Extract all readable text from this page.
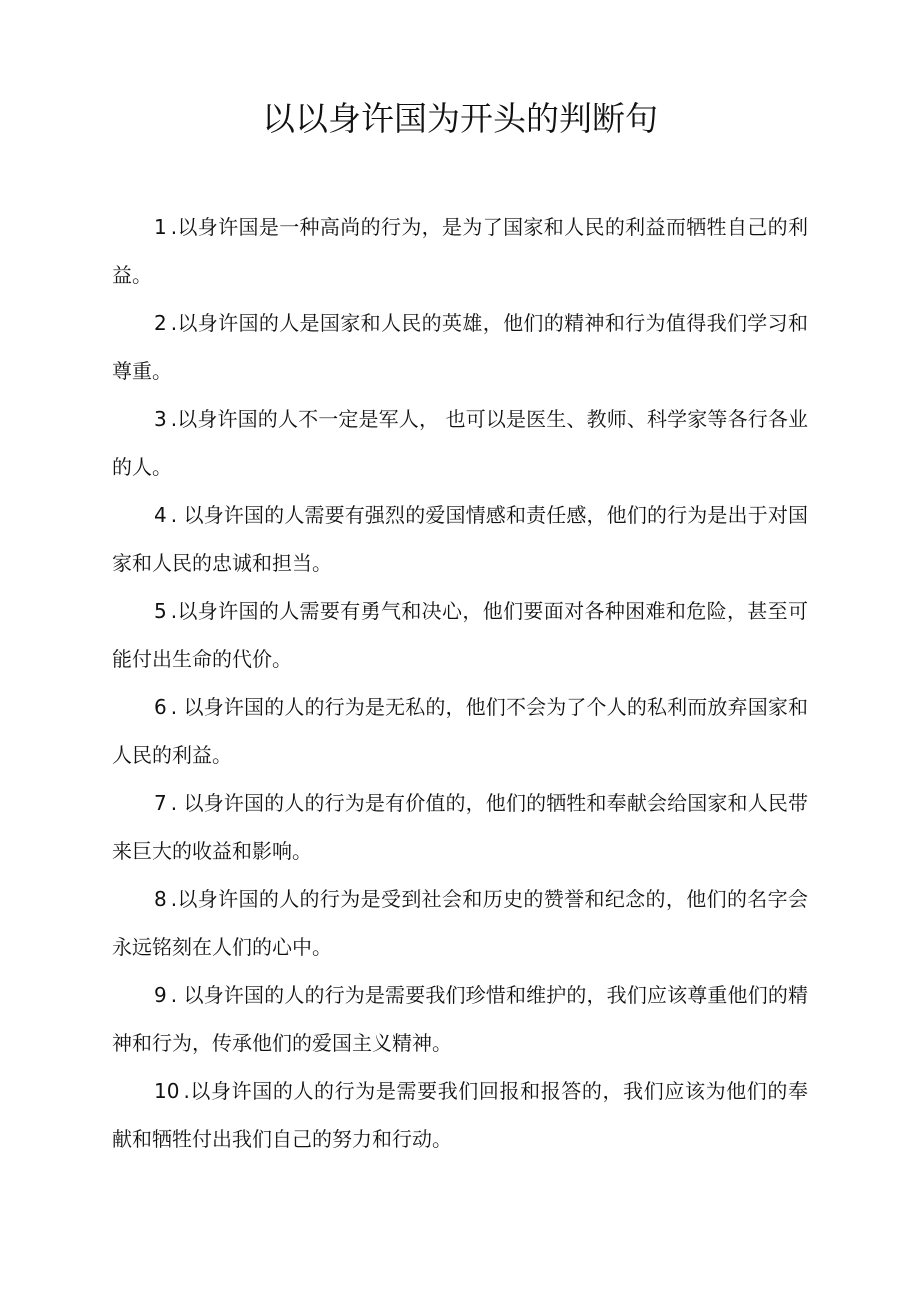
以以身许国为开头的判断句
1 .以身许国是一种高尚的行为，是为了国家和人民的利益而牺牲自己的利益。
2 .以身许国的人是国家和人民的英雄，他们的精神和行为值得我们学习和尊重。
3 .以身许国的人不一定是军人， 也可以是医生、教师、科学家等各行各业的人。
4 . 以身许国的人需要有强烈的爱国情感和责任感，他们的行为是出于对国家和人民的忠诚和担当。
5 .以身许国的人需要有勇气和决心，他们要面对各种困难和危险，甚至可能付出生命的代价。
6 . 以身许国的人的行为是无私的，他们不会为了个人的私利而放弃国家和人民的利益。
7 . 以身许国的人的行为是有价值的，他们的牺牲和奉献会给国家和人民带来巨大的收益和影响。
8 .以身许国的人的行为是受到社会和历史的赞誉和纪念的，他们的名字会永远铭刻在人们的心中。
9 . 以身许国的人的行为是需要我们珍惜和维护的，我们应该尊重他们的精神和行为，传承他们的爱国主义精神。
10 .以身许国的人的行为是需要我们回报和报答的，我们应该为他们的奉献和牺牲付出我们自己的努力和行动。
